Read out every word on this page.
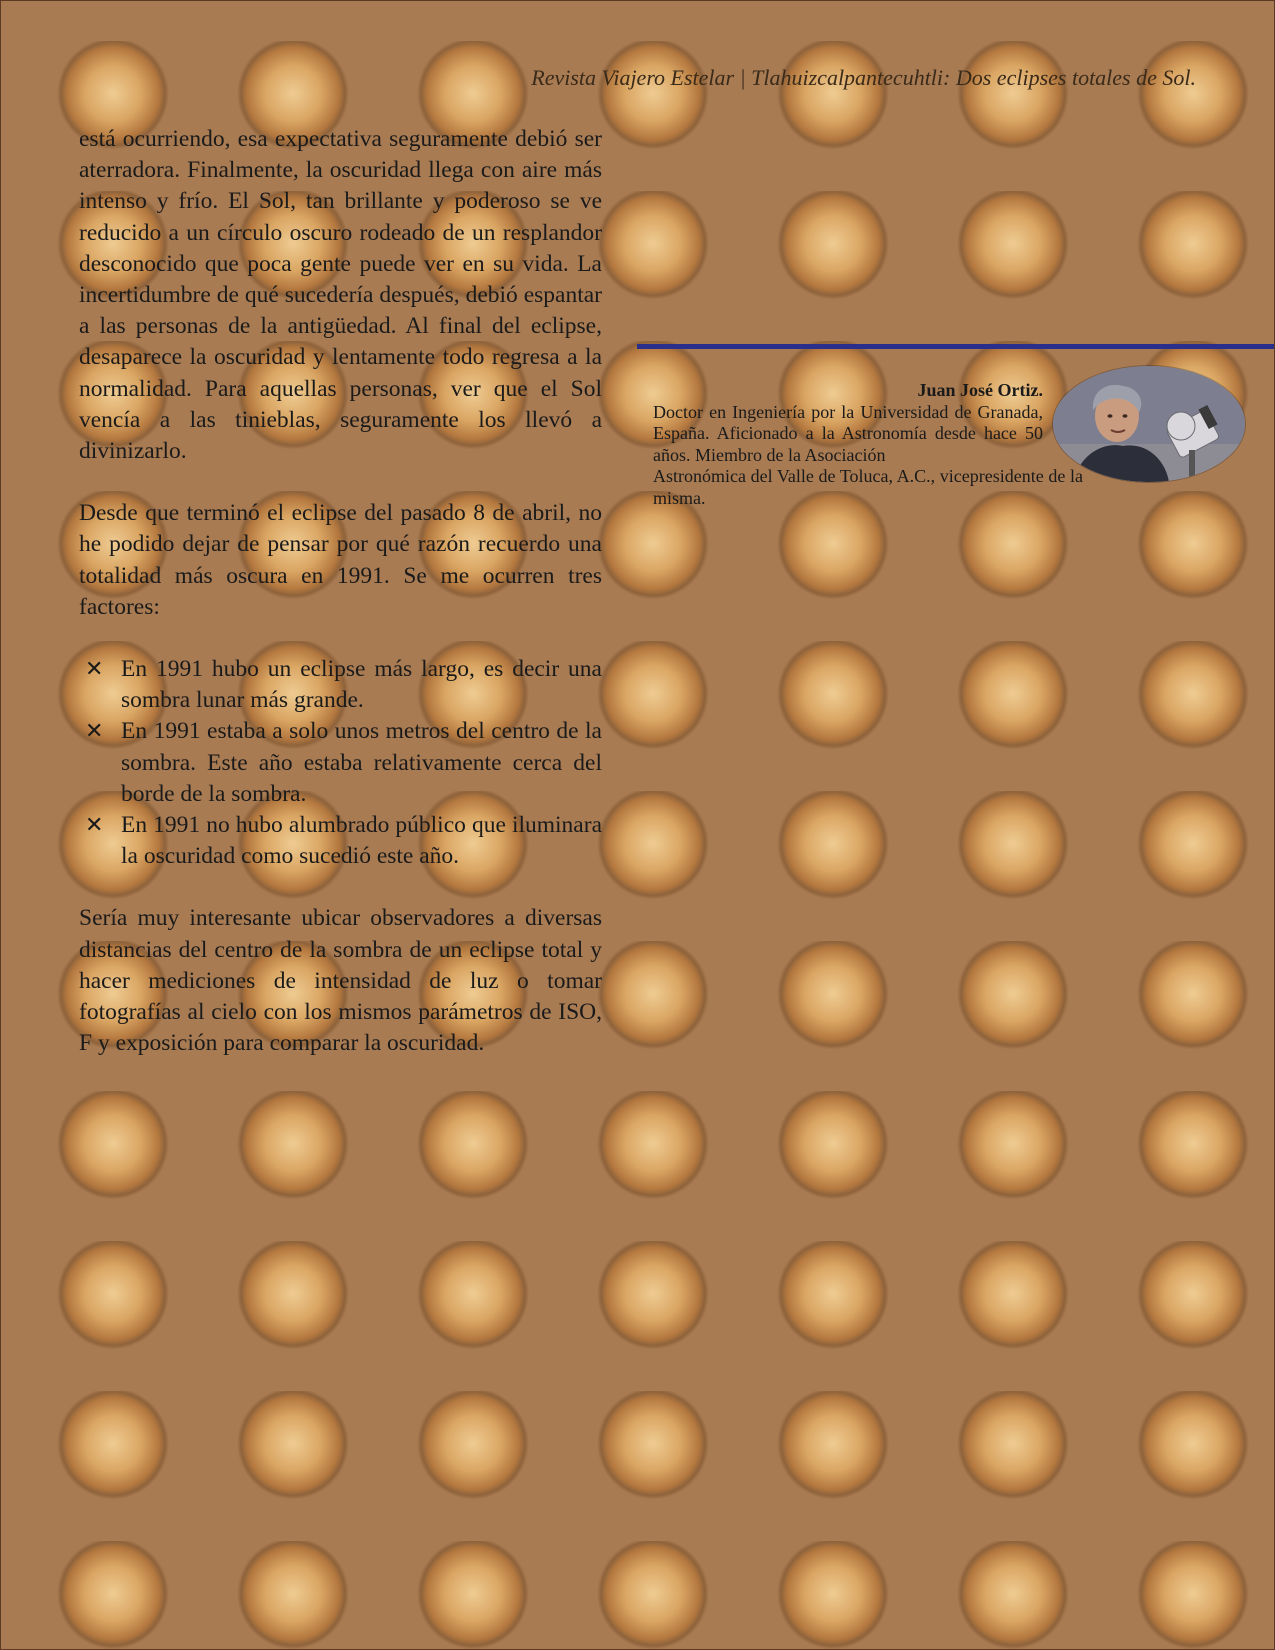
Revista Viajero Estelar | Tlahuizcalpantecuhtli: Dos eclipses totales de Sol.

está ocurriendo, esa expectativa seguramente debió ser aterradora. Finalmente, la oscuridad llega con aire más intenso y frío. El Sol, tan brillante y poderoso se ve reducido a un círculo oscuro rodeado de un resplandor desconocido que poca gente puede ver en su vida. La incertidumbre de qué sucedería después, debió espantar a las personas de la antigüedad. Al final del eclipse, desaparece la oscuridad y lentamente todo regresa a la normalidad. Para aquellas personas, ver que el Sol vencía a las tinieblas, seguramente los llevó a divinizarlo.

Desde que terminó el eclipse del pasado 8 de abril, no he podido dejar de pensar por qué razón recuerdo una totalidad más oscura en 1991. Se me ocurren tres factores:

✕ En 1991 hubo un eclipse más largo, es decir una sombra lunar más grande.
✕ En 1991 estaba a solo unos metros del centro de la sombra. Este año estaba relativamente cerca del borde de la sombra.
✕ En 1991 no hubo alumbrado público que iluminara la oscuridad como sucedió este año.

Sería muy interesante ubicar observadores a diversas distancias del centro de la sombra de un eclipse total y hacer mediciones de intensidad de luz o tomar fotografías al cielo con los mismos parámetros de ISO, F y exposición para comparar la oscuridad.

Juan José Ortiz.

Doctor en Ingeniería por la Universidad de Granada, España. Aficionado a la Astronomía desde hace 50 años. Miembro de la Asociación
Astronómica del Valle de Toluca, A.C., vicepresidente de la misma.
